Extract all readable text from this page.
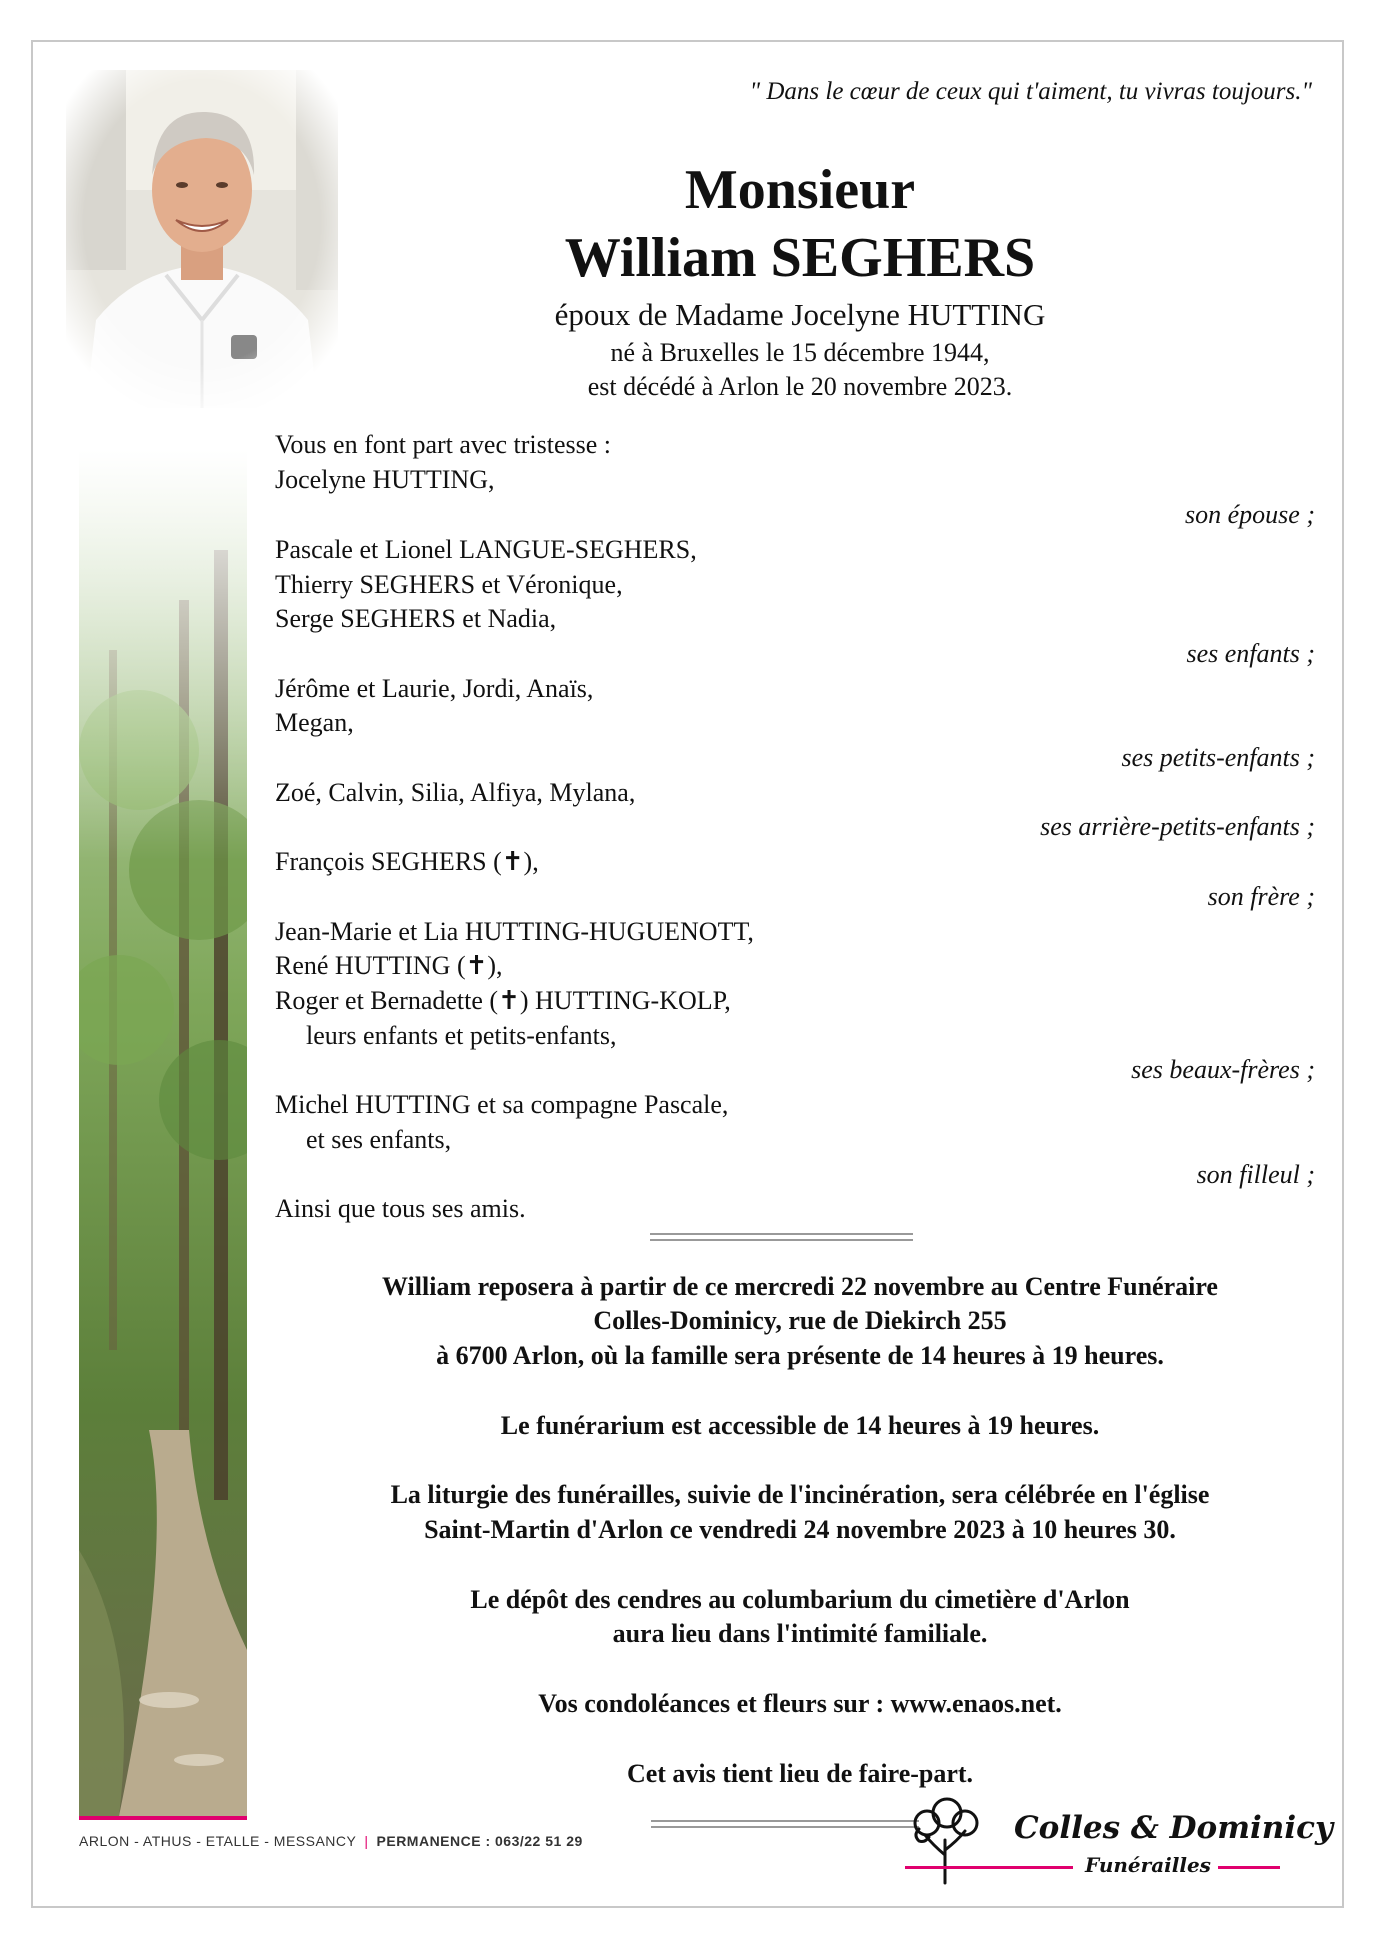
" Dans le cœur de ceux qui t'aiment, tu vivras toujours."
Monsieur
William SEGHERS
époux de Madame Jocelyne HUTTING
né à Bruxelles le 15 décembre 1944,
est décédé à Arlon le 20 novembre 2023.
Vous en font part avec tristesse :
Jocelyne HUTTING,
son épouse ;
Pascale et Lionel LANGUE-SEGHERS,
Thierry SEGHERS et Véronique,
Serge SEGHERS et Nadia,
ses enfants ;
Jérôme et Laurie, Jordi, Anaïs,
Megan,
ses petits-enfants ;
Zoé, Calvin, Silia, Alfiya, Mylana,
ses arrière-petits-enfants ;
François SEGHERS (✝),
son frère ;
Jean-Marie et Lia HUTTING-HUGUENOTT,
René HUTTING (✝),
Roger et Bernadette (✝) HUTTING-KOLP,
leurs enfants et petits-enfants,
ses beaux-frères ;
Michel HUTTING et sa compagne Pascale,
et ses enfants,
son filleul ;
Ainsi que tous ses amis.
William reposera à partir de ce mercredi 22 novembre au Centre Funéraire
Colles-Dominicy, rue de Diekirch 255
à 6700 Arlon, où la famille sera présente de 14 heures à 19 heures.
Le funérarium est accessible de 14 heures à 19 heures.
La liturgie des funérailles, suivie de l'incinération, sera célébrée en l'église
Saint-Martin d'Arlon ce vendredi 24 novembre 2023 à 10 heures 30.
Le dépôt des cendres au columbarium du cimetière d'Arlon
aura lieu dans l'intimité familiale.
Vos condoléances et fleurs sur : www.enaos.net.
Cet avis tient lieu de faire-part.
ARLON - ATHUS - ETALLE - MESSANCY | PERMANENCE : 063/22 51 29	Colles & Dominicy
Funérailles
